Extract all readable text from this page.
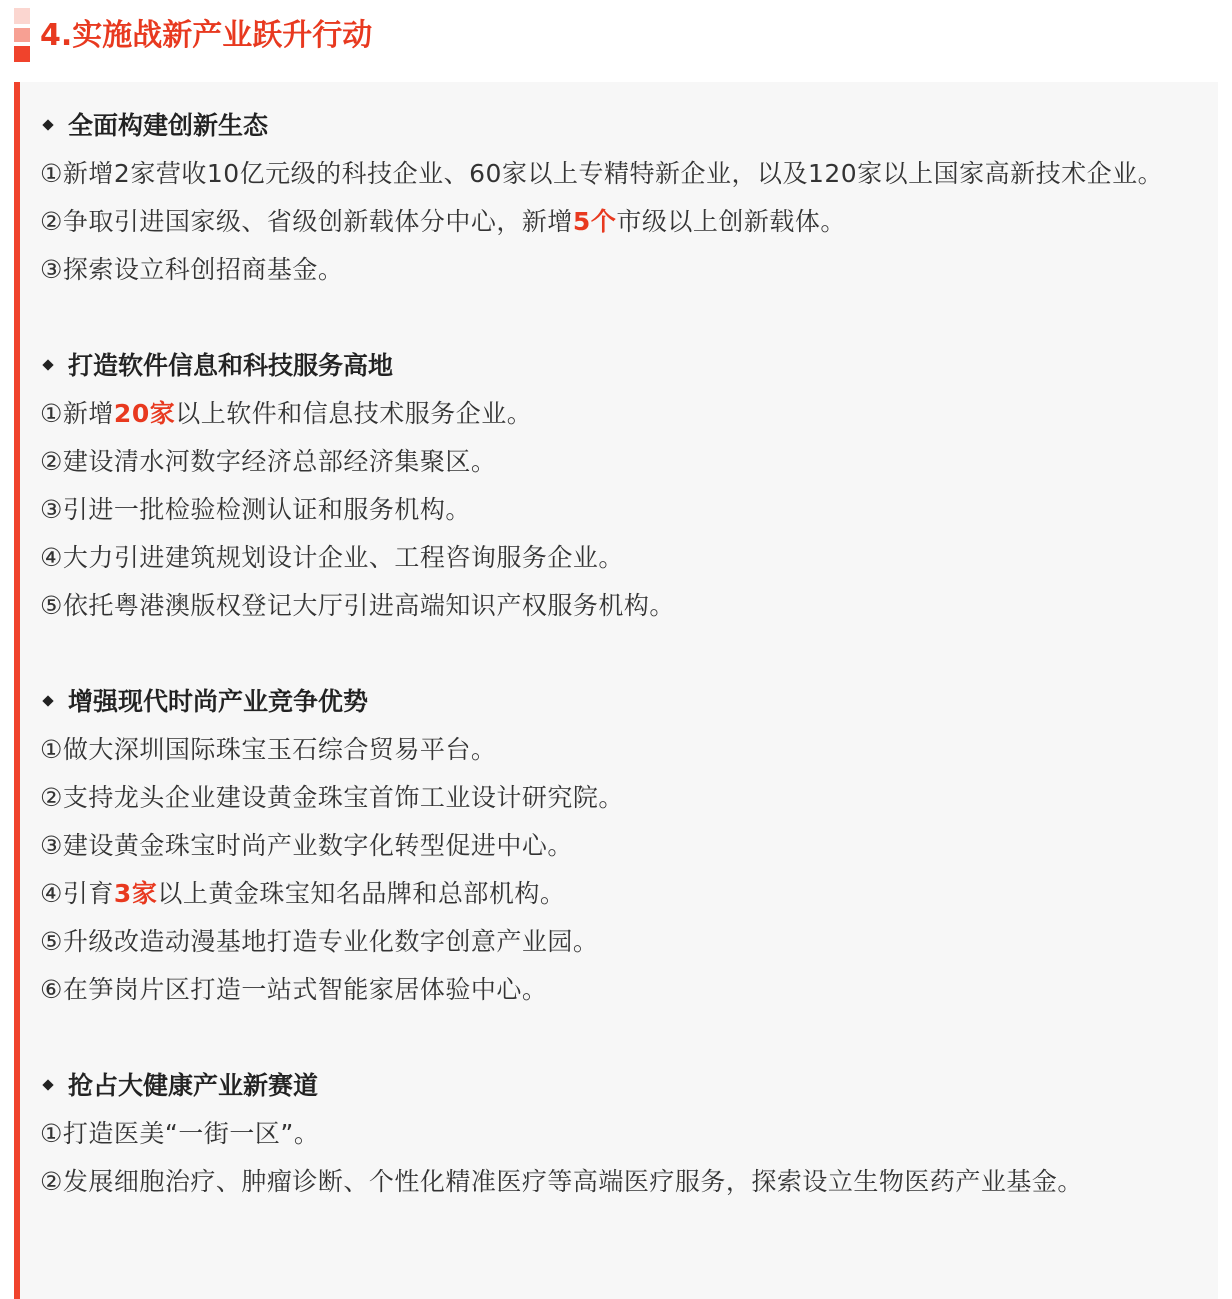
4.实施战新产业跃升行动
全面构建创新生态
①新增2家营收10亿元级的科技企业、60家以上专精特新企业，以及120家以上国家高新技术企业。
②争取引进国家级、省级创新载体分中心，新增5个市级以上创新载体。
③探索设立科创招商基金。
打造软件信息和科技服务高地
①新增20家以上软件和信息技术服务企业。
②建设清水河数字经济总部经济集聚区。
③引进一批检验检测认证和服务机构。
④大力引进建筑规划设计企业、工程咨询服务企业。
⑤依托粤港澳版权登记大厅引进高端知识产权服务机构。
增强现代时尚产业竞争优势
①做大深圳国际珠宝玉石综合贸易平台。
②支持龙头企业建设黄金珠宝首饰工业设计研究院。
③建设黄金珠宝时尚产业数字化转型促进中心。
④引育3家以上黄金珠宝知名品牌和总部机构。
⑤升级改造动漫基地打造专业化数字创意产业园。
⑥在笋岗片区打造一站式智能家居体验中心。
抢占大健康产业新赛道
①打造医美“一街一区”。
②发展细胞治疗、肿瘤诊断、个性化精准医疗等高端医疗服务，探索设立生物医药产业基金。
